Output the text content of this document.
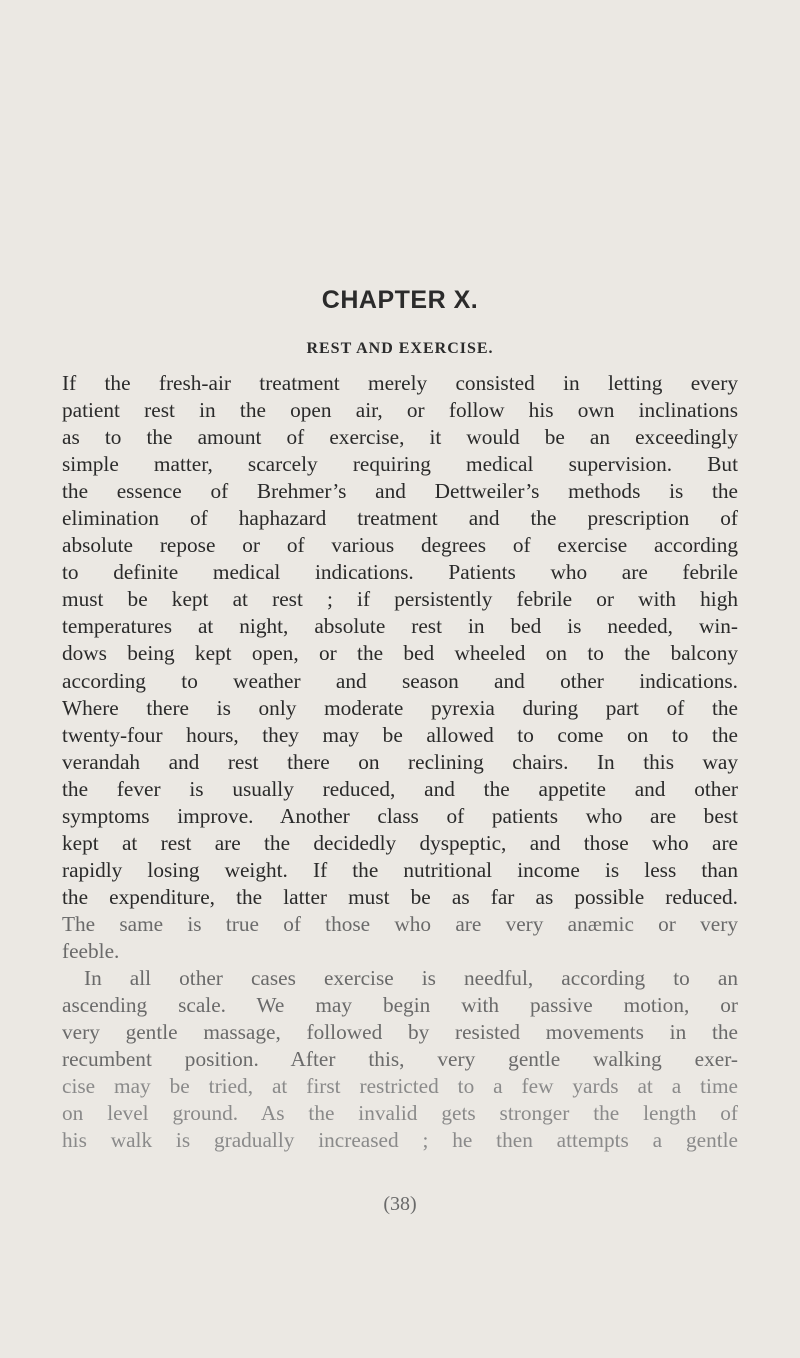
CHAPTER X.
REST AND EXERCISE.
If the fresh-air treatment merely consisted in letting every
patient rest in the open air, or follow his own inclinations
as to the amount of exercise, it would be an exceedingly
simple matter, scarcely requiring medical supervision. But
the essence of Brehmer’s and Dettweiler’s methods is the
elimination of haphazard treatment and the prescription of
absolute repose or of various degrees of exercise according
to definite medical indications. Patients who are febrile
must be kept at rest ; if persistently febrile or with high
temperatures at night, absolute rest in bed is needed, win-
dows being kept open, or the bed wheeled on to the balcony
according to weather and season and other indications.
Where there is only moderate pyrexia during part of the
twenty-four hours, they may be allowed to come on to the
verandah and rest there on reclining chairs. In this way
the fever is usually reduced, and the appetite and other
symptoms improve. Another class of patients who are best
kept at rest are the decidedly dyspeptic, and those who are
rapidly losing weight. If the nutritional income is less than
the expenditure, the latter must be as far as possible reduced.
The same is true of those who are very anæmic or very
feeble.
In all other cases exercise is needful, according to an
ascending scale. We may begin with passive motion, or
very gentle massage, followed by resisted movements in the
recumbent position. After this, very gentle walking exer-
cise may be tried, at first restricted to a few yards at a time
on level ground. As the invalid gets stronger the length of
his walk is gradually increased ; he then attempts a gentle
(38)
